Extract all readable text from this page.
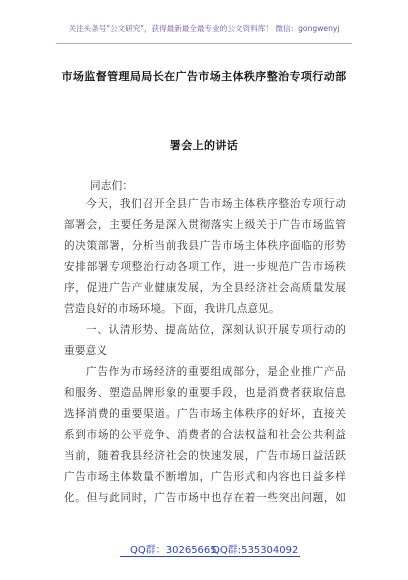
关注头条号"公文研究"，获得最新最全最专业的公文资料库！ 微信：gongwenyj
市场监督管理局局长在广告市场主体秩序整治专项行动部
署会上的讲话
同志们：
今天，我们召开全县广告市场主体秩序整治专项行动
部署会，主要任务是深入贯彻落实上级关于广告市场监管
的决策部署，分析当前我县广告市场主体秩序面临的形势
安排部署专项整治行动各项工作，进一步规范广告市场秩
序，促进广告产业健康发展，为全县经济社会高质量发展
营造良好的市场环境。下面，我讲几点意见。
一、认清形势、提高站位，深刻认识开展专项行动的
重要意义
广告作为市场经济的重要组成部分，是企业推广产品
和服务、塑造品牌形象的重要手段，也是消费者获取信息
选择消费的重要渠道。广告市场主体秩序的好坏，直接关
系到市场的公平竞争、消费者的合法权益和社会公共利益
当前，随着我县经济社会的快速发展，广告市场日益活跃
广告市场主体数量不断增加，广告形式和内容也日益多样
化。但与此同时，广告市场中也存在着一些突出问题，如
QQ群：30265665
QQ群:535304092
